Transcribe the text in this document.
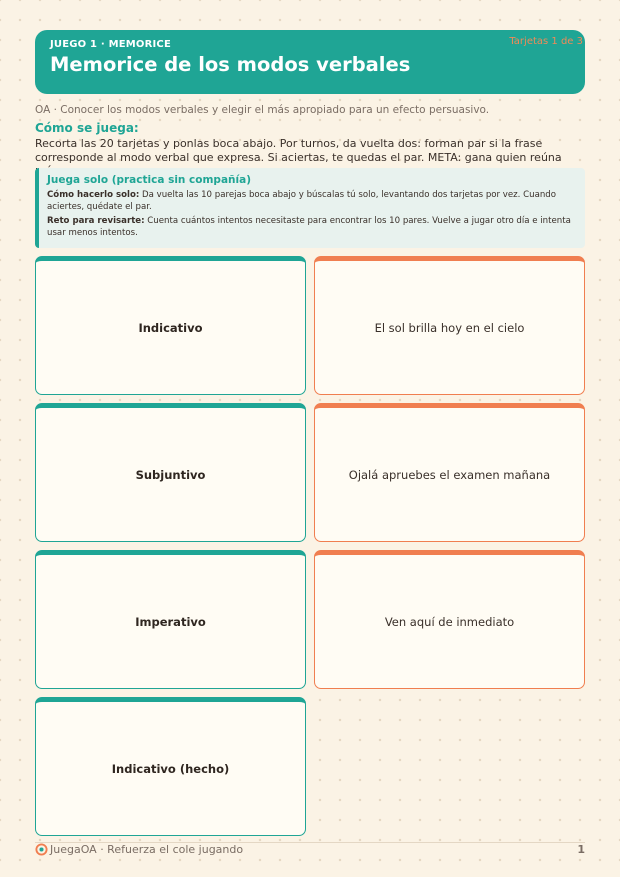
JUEGO 1 · MEMORICE
Memorice de los modos verbales
Tarjetas 1 de 3
OA · Conocer los modos verbales y elegir el más apropiado para un efecto persuasivo.
Cómo se juega:
Recorta las 20 tarjetas y ponlas boca abajo. Por turnos, da vuelta dos: forman par si la frase corresponde al modo verbal que expresa. Si aciertas, te quedas el par. META: gana quien reúna
Juega solo (practica sin compañía)
Cómo hacerlo solo: Da vuelta las 10 parejas boca abajo y búscalas tú solo, levantando dos tarjetas por vez. Cuando aciertes, quédate el par.
Reto para revisarte: Cuenta cuántos intentos necesitaste para encontrar los 10 pares. Vuelve a jugar otro día e intenta usar menos intentos.
Indicativo	El sol brilla hoy en el cielo
Subjuntivo	Ojalá apruebes el examen mañana
Imperativo	Ven aquí de inmediato
Indicativo (hecho)
JuegaOA · Refuerza el cole jugando	1
